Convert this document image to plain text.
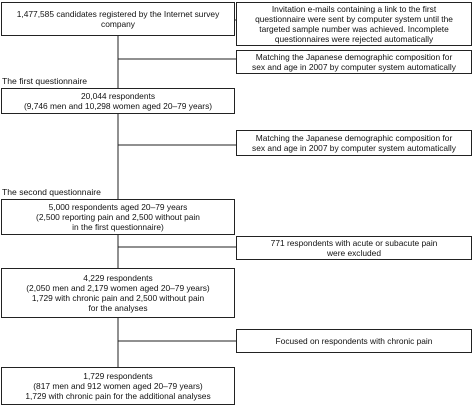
1,477,585 candidates registered by the Internet survey
company
Invitation e-mails containing a link to the first
questionnaire were sent by computer system until the
targeted sample number was achieved. Incomplete
questionnaires were rejected automatically
Matching the Japanese demographic composition for
sex and age in 2007 by computer system automatically
The first questionnaire
20,044 respondents
(9,746 men and 10,298 women aged 20–79 years)
Matching the Japanese demographic composition for
sex and age in 2007 by computer system automatically
The second questionnaire
5,000 respondents aged 20–79 years
(2,500 reporting pain and 2,500 without pain
in the first questionnaire)
771 respondents with acute or subacute pain
were excluded
4,229 respondents
(2,050 men and 2,179 women aged 20–79 years)
1,729 with chronic pain and 2,500 without pain
for the analyses
Focused on respondents with chronic pain
1,729 respondents
(817 men and 912 women aged 20–79 years)
1,729 with chronic pain for the additional analyses
